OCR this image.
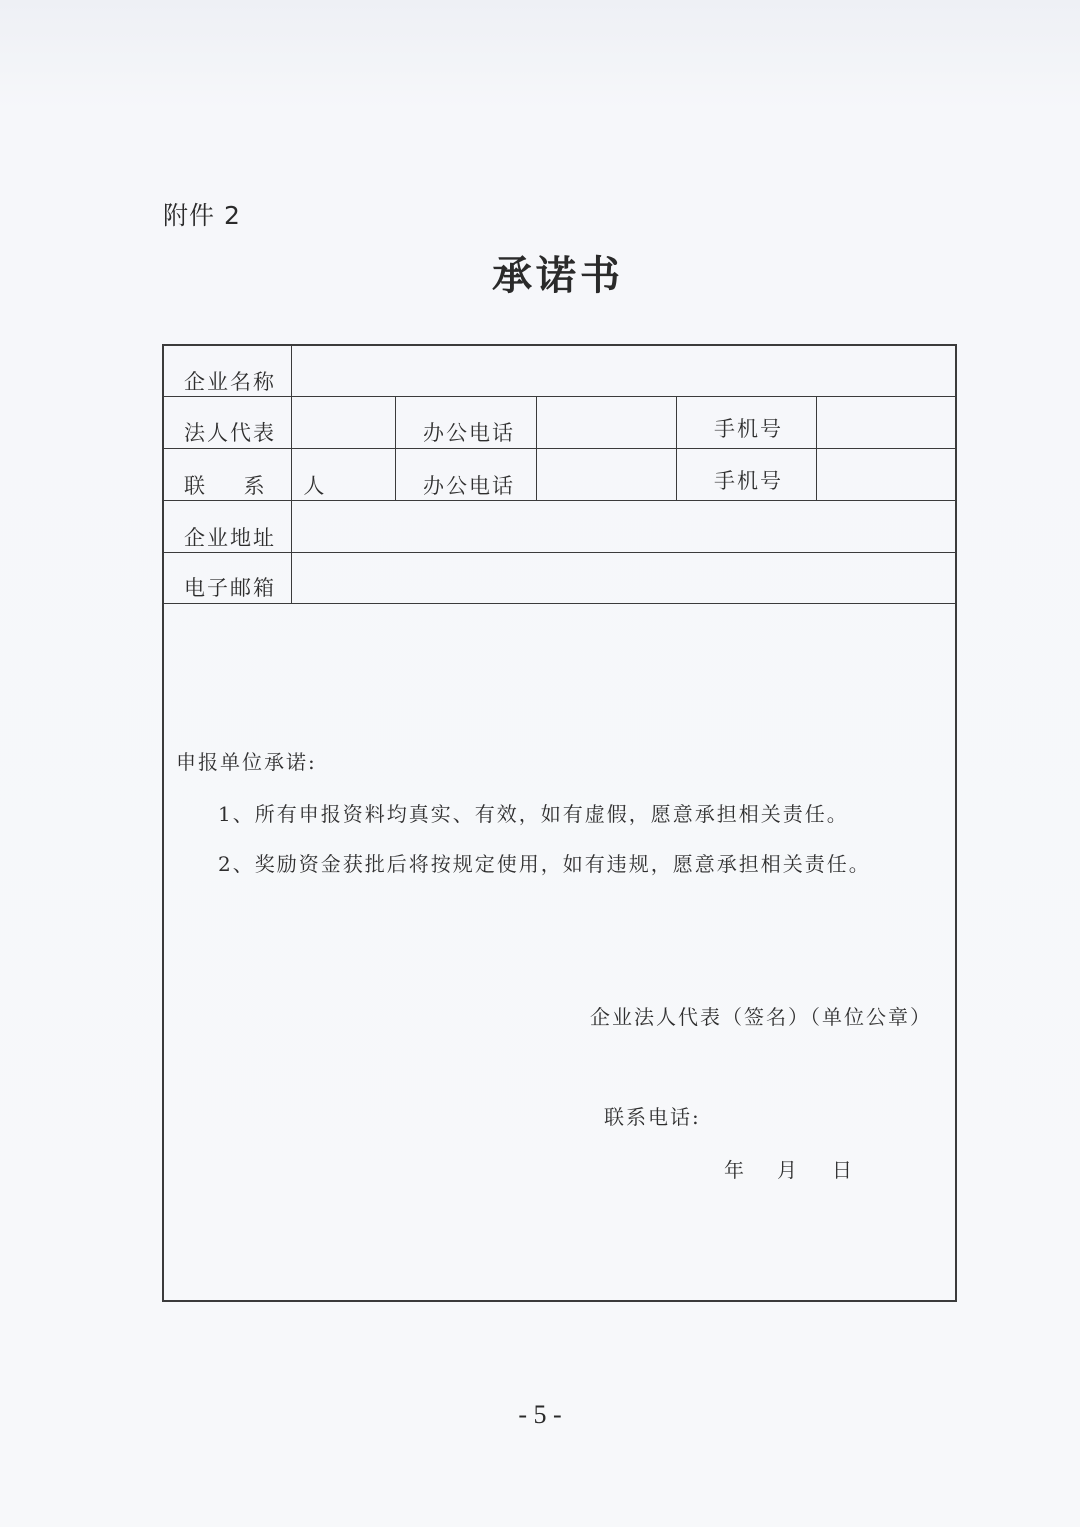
附件 2
承诺书
企业名称
法人代表	办公电话	手机号
联 系 人	办公电话	手机号
企业地址
电子邮箱
申报单位承诺:
1、所有申报资料均真实、有效，如有虚假，愿意承担相关责任。
2、奖励资金获批后将按规定使用，如有违规，愿意承担相关责任。
企业法人代表（签名）（单位公章）
联系电话:
年 月 日
- 5 -
